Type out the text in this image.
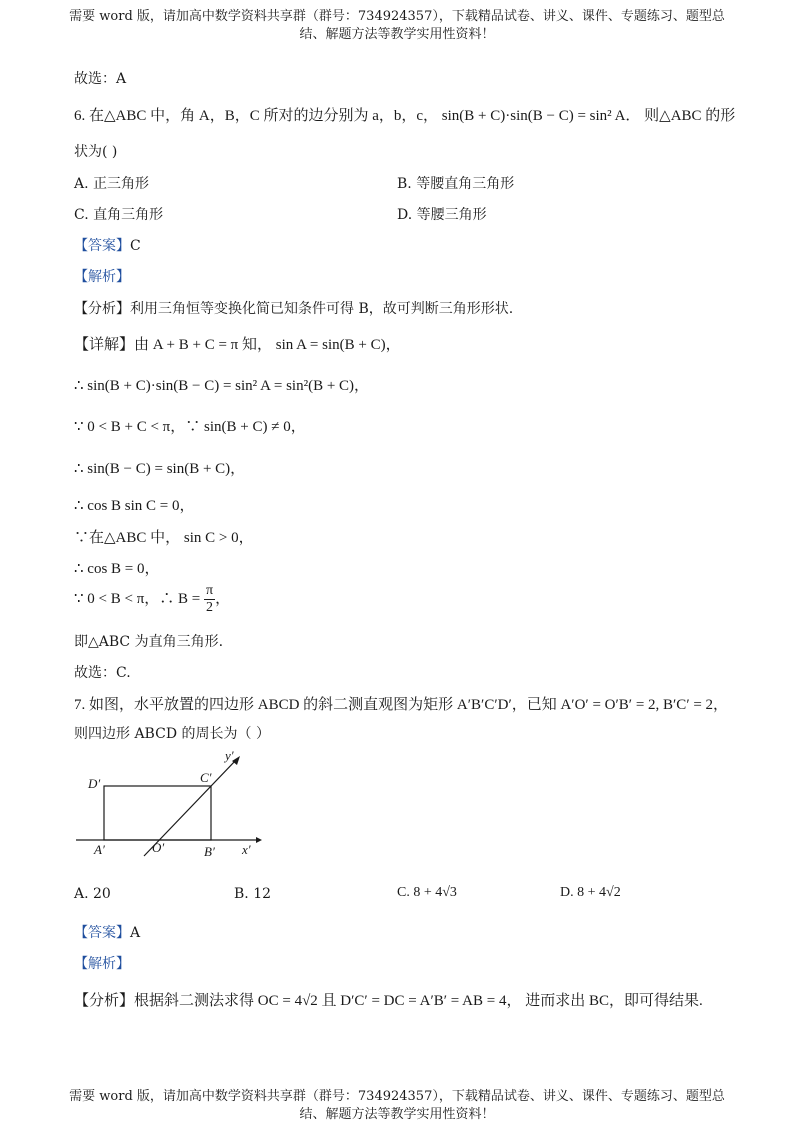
需要 word 版，请加高中数学资料共享群（群号：734924357），下载精品试卷、讲义、课件、专题练习、题型总
结、解题方法等教学实用性资料！
故选：A
6. 在△ABC 中，角 A，B，C 所对的边分别为 a，b，c， sin(B + C)·sin(B − C) = sin² A． 则△ABC 的形
状为( )
A. 正三角形	B. 等腰直角三角形
C. 直角三角形	D. 等腰三角形
【答案】C
【解析】
【分析】利用三角恒等变换化简已知条件可得 B，故可判断三角形形状.
【详解】由 A + B + C = π 知， sin A = sin(B + C)，
∴ sin(B + C)·sin(B − C) = sin² A = sin²(B + C)，
∵ 0 < B + C < π，∵ sin(B + C) ≠ 0，
∴ sin(B − C) = sin(B + C)，
∴ cos B sin C = 0，
∵在△ABC 中， sin C > 0，
∴ cos B = 0，
∵ 0 < B < π，∴ $B = \frac{\pi}{2}$ ，
即△ABC 为直角三角形.
故选：C.
7. 如图，水平放置的四边形 ABCD 的斜二测直观图为矩形 A′B′C′D′，已知 A′O′ = O′B′ = 2, B′C′ = 2，
则四边形 ABCD 的周长为（ ）
D′	C′
A′	O′	B′ x′
y′
A. 20	B. 12	C. 8 + 4√3	D. 8 + 4√2
【答案】A
【解析】
【分析】根据斜二测法求得 OC = 4√2 且 D′C′ = DC = A′B′ = AB = 4， 进而求出 BC，即可得结果.
需要 word 版，请加高中数学资料共享群（群号：734924357），下载精品试卷、讲义、课件、专题练习、题型总
结、解题方法等教学实用性资料！
